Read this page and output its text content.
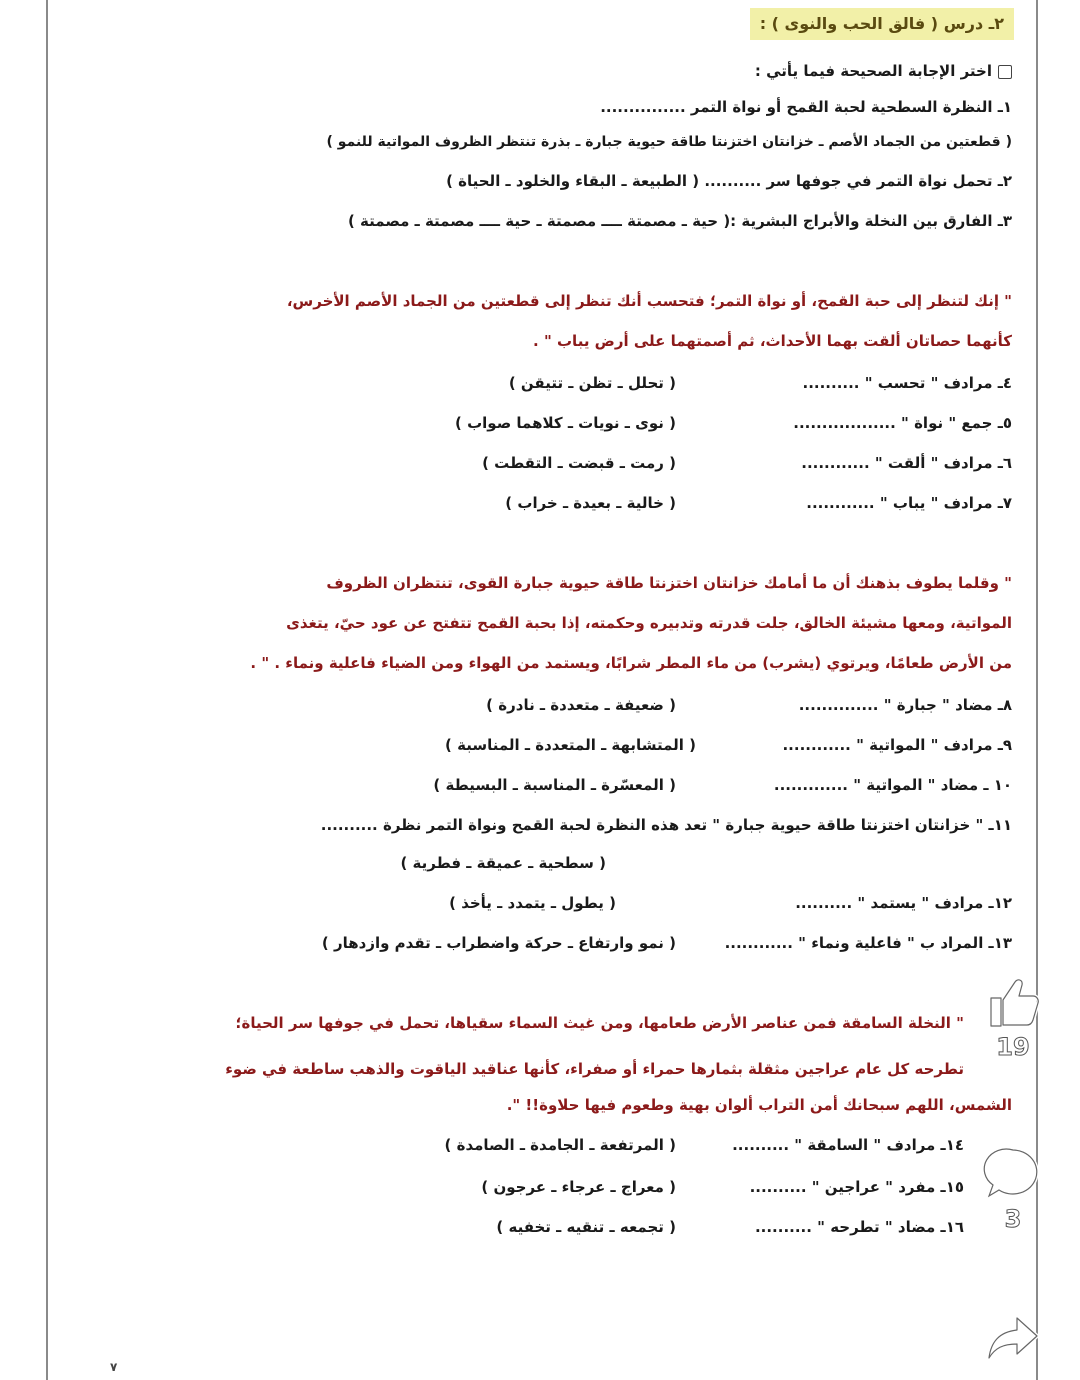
٢ـ درس ( فالق الحب والنوى ) :
اختر الإجابة الصحيحة فيما يأتي :
١ـ النظرة السطحية لحبة القمح أو نواة التمر ...............
( قطعتين من الجماد الأصم ـ خزانتان اختزنتا طاقة حيوية جبارة ـ بذرة تنتظر الظروف المواتية للنمو )
٢ـ تحمل نواة التمر في جوفها سر .......... ( الطبيعة ـ البقاء والخلود ـ الحياة )
٣ـ الفارق بين النخلة والأبراج البشرية :( حية ـ مصمتة ــــ مصمتة ـ حية ــــ مصمتة ـ مصمتة )
" إنك لتنظر إلى حبة القمح، أو نواة التمر؛ فتحسب أنك تنظر إلى قطعتين من الجماد الأصم الأخرس،
كأنهما حصاتان ألقت بهما الأحداث، ثم أصمتهما على أرض يباب " .
٤ـ مرادف " تحسب " ..........
( تحلل ـ تظن ـ تتيقن )
٥ـ جمع " نواة " ..................
( نوى ـ نويات ـ كلاهما صواب )
٦ـ مرادف " ألقت " ............
( رمت ـ قبضت ـ التقطت )
٧ـ مرادف " يباب " ............
( خالية ـ بعيدة ـ خراب )
" وقلما يطوف بذهنك أن ما أمامك خزانتان اختزنتا طاقة حيوية جبارة القوى، تنتظران الظروف
المواتية، ومعها مشيئة الخالق، جلت قدرته وتدبيره وحكمته، إذا بحبة القمح تتفتح عن عود حيّ، يتغذى
من الأرض طعامًا، ويرتوي (يشرب) من ماء المطر شرابًا، ويستمد من الهواء ومن الضياء فاعلية ونماء . " .
٨ـ مضاد " جبارة " ..............
( ضعيفة ـ متعددة ـ نادرة )
٩ـ مرادف " المواتية " ............
( المتشابهة ـ المتعددة ـ المناسبة )
١٠ ـ مضاد " المواتية " .............
( المعسّرة ـ المناسبة ـ البسيطة )
١١ـ " خزانتان اختزنتا طاقة حيوية جبارة " تعد هذه النظرة لحبة القمح ونواة التمر نظرة ..........
( سطحية ـ عميقة ـ فطرية )
١٢ـ مرادف " يستمد " ..........
( يطول ـ يتمدد ـ يأخذ )
١٣ـ المراد ب " فاعلية ونماء " ............
( نمو وارتفاع ـ حركة واضطراب ـ تقدم وازدهار )
" النخلة السامقة فمن عناصر الأرض طعامها، ومن غيث السماء سقياها، تحمل في جوفها سر الحياة؛
تطرحه كل عام عراجين مثقلة بثمارها حمراء أو صفراء، كأنها عناقيد الياقوت والذهب ساطعة في ضوء
الشمس، اللهم سبحانك أمن التراب ألوان بهية وطعوم فيها حلاوة!! ".
١٤ـ مرادف " السامقة " ..........
( المرتفعة ـ الجامدة ـ الصامدة )
١٥ـ مفرد " عراجين " ..........
( معراج ـ عرجاء ـ عرجون )
١٦ـ مضاد " تطرحه " ..........
( تجمعه ـ تنقيه ـ تخفيه )
٧
19
3
